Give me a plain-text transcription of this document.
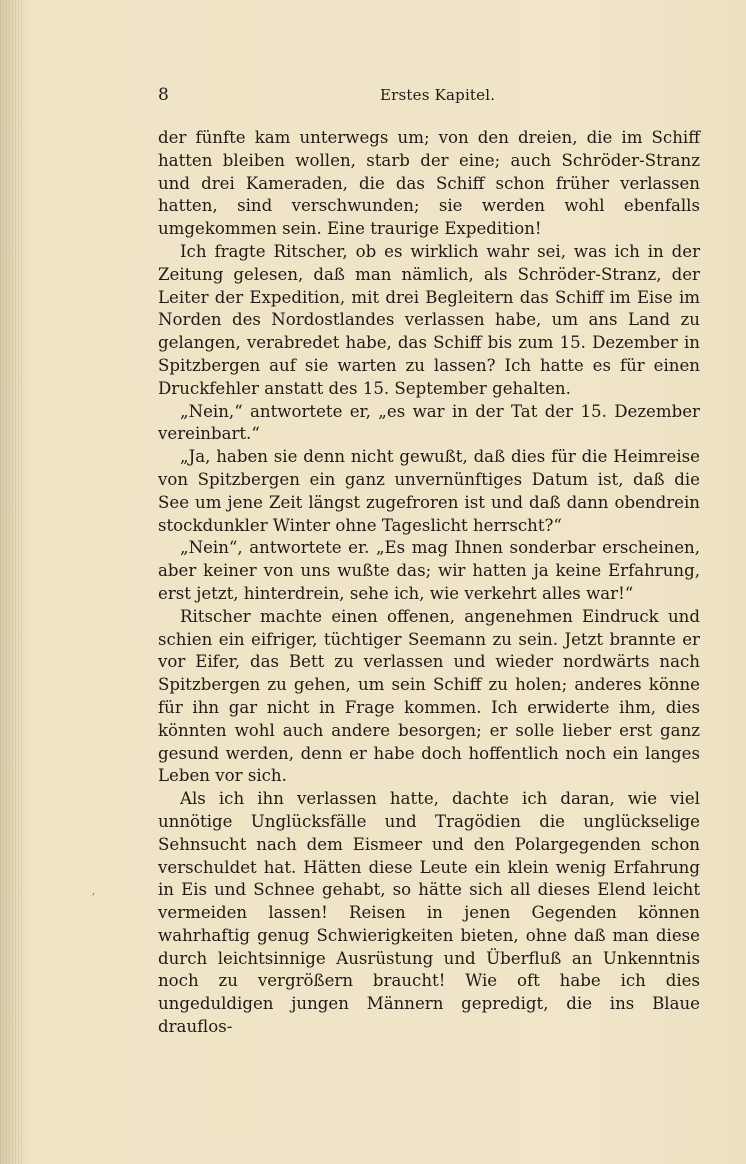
8	Erstes Kapitel.

der fünfte kam unterwegs um; von den dreien, die im Schiff hatten bleiben wollen, starb der eine; auch Schröder-Stranz und drei Kameraden, die das Schiff schon früher verlassen hatten, sind verschwunden; sie werden wohl ebenfalls umgekommen sein. Eine traurige Expedition!

Ich fragte Ritscher, ob es wirklich wahr sei, was ich in der Zeitung gelesen, daß man nämlich, als Schröder-Stranz, der Leiter der Expedition, mit drei Begleitern das Schiff im Eise im Norden des Nordostlandes verlassen habe, um ans Land zu gelangen, verabredet habe, das Schiff bis zum 15. Dezember in Spitzbergen auf sie warten zu lassen? Ich hatte es für einen Druckfehler anstatt des 15. September gehalten.

„Nein,“ antwortete er, „es war in der Tat der 15. Dezember vereinbart.“

„Ja, haben sie denn nicht gewußt, daß dies für die Heimreise von Spitzbergen ein ganz unvernünftiges Datum ist, daß die See um jene Zeit längst zugefroren ist und daß dann obendrein stockdunkler Winter ohne Tageslicht herrscht?“

„Nein“, antwortete er. „Es mag Ihnen sonderbar erscheinen, aber keiner von uns wußte das; wir hatten ja keine Erfahrung, erst jetzt, hinterdrein, sehe ich, wie verkehrt alles war!“

Ritscher machte einen offenen, angenehmen Eindruck und schien ein eifriger, tüchtiger Seemann zu sein. Jetzt brannte er vor Eifer, das Bett zu verlassen und wieder nordwärts nach Spitzbergen zu gehen, um sein Schiff zu holen; anderes könne für ihn gar nicht in Frage kommen. Ich erwiderte ihm, dies könnten wohl auch andere besorgen; er solle lieber erst ganz gesund werden, denn er habe doch hoffentlich noch ein langes Leben vor sich.

Als ich ihn verlassen hatte, dachte ich daran, wie viel unnötige Unglücksfälle und Tragödien die unglückselige Sehnsucht nach dem Eismeer und den Polargegenden schon verschuldet hat. Hätten diese Leute ein klein wenig Erfahrung in Eis und Schnee gehabt, so hätte sich all dieses Elend leicht vermeiden lassen! Reisen in jenen Gegenden können wahrhaftig genug Schwierigkeiten bieten, ohne daß man diese durch leichtsinnige Ausrüstung und Überfluß an Unkenntnis noch zu vergrößern braucht! Wie oft habe ich dies ungeduldigen jungen Männern gepredigt, die ins Blaue drauflos-

,
